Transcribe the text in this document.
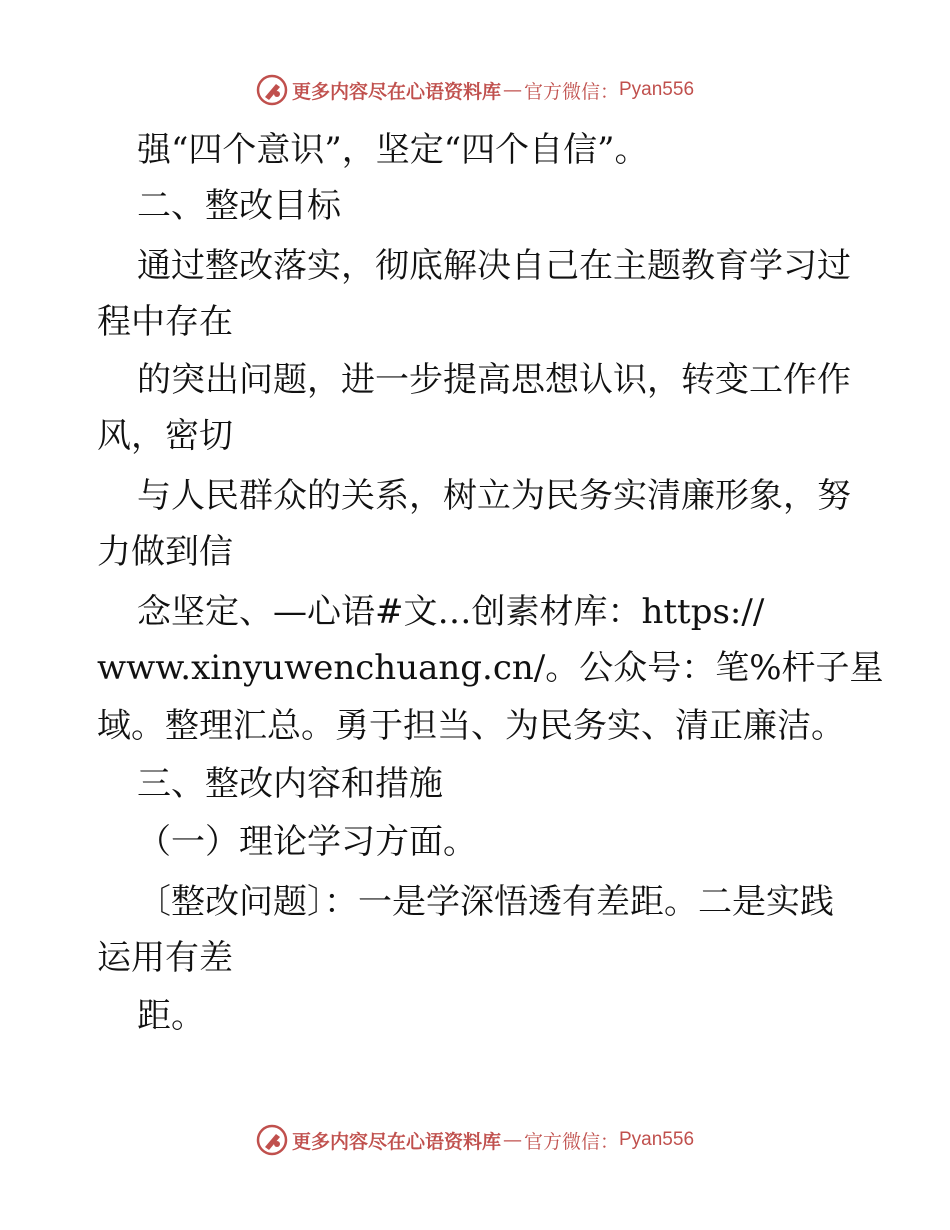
更多内容尽在心语资料库 — 官方微信： Pyan556
强“四个意识”，坚定“四个自信”。
二、整改目标
通过整改落实，彻底解决自己在主题教育学习过
程中存在
的突出问题，进一步提高思想认识，转变工作作
风，密切
与人民群众的关系，树立为民务实清廉形象，努
力做到信
念坚定、—心语#文…创素材库：https://
www.xinyuwenchuang.cn/。公众号：笔%杆子星
域。整理汇总。勇于担当、为民务实、清正廉洁。
三、整改内容和措施
（一）理论学习方面。
〔整改问题〕：一是学深悟透有差距。二是实践
运用有差
距。
更多内容尽在心语资料库 — 官方微信： Pyan556
